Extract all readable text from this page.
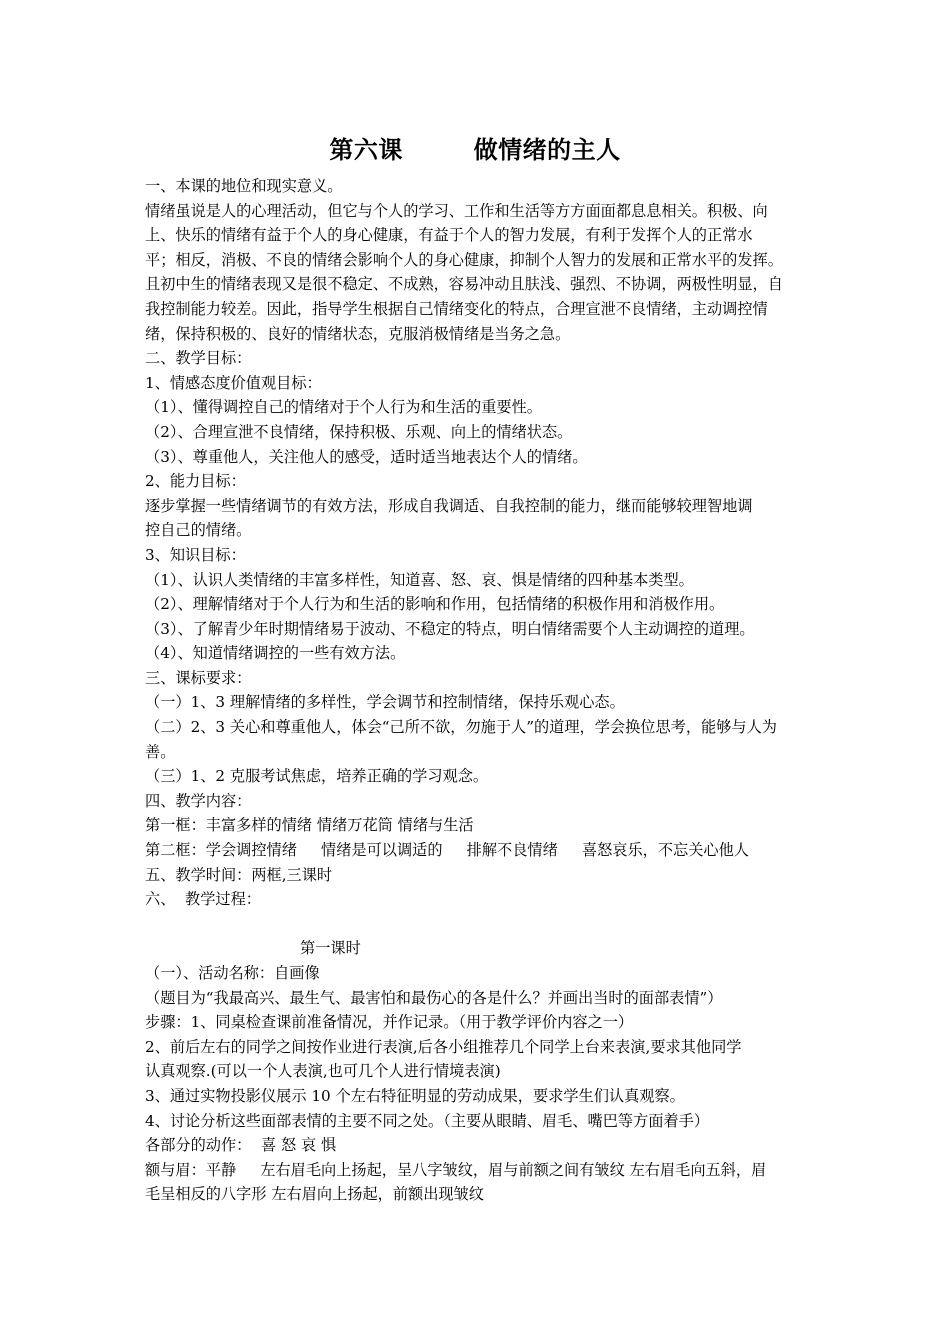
第六课        做情绪的主人
一、本课的地位和现实意义。
情绪虽说是人的心理活动，但它与个人的学习、工作和生活等方方面面都息息相关。积极、向
上、快乐的情绪有益于个人的身心健康，有益于个人的智力发展，有利于发挥个人的正常水
平；相反，消极、不良的情绪会影响个人的身心健康，抑制个人智力的发展和正常水平的发挥。
且初中生的情绪表现又是很不稳定、不成熟，容易冲动且肤浅、强烈、不协调，两极性明显，自
我控制能力较差。因此，指导学生根据自己情绪变化的特点，合理宣泄不良情绪，主动调控情
绪，保持积极的、良好的情绪状态，克服消极情绪是当务之急。
二、教学目标：
1、情感态度价值观目标：
（1）、懂得调控自己的情绪对于个人行为和生活的重要性。
（2）、合理宣泄不良情绪，保持积极、乐观、向上的情绪状态。
（3）、尊重他人，关注他人的感受，适时适当地表达个人的情绪。
2、能力目标：
逐步掌握一些情绪调节的有效方法，形成自我调适、自我控制的能力，继而能够较理智地调
控自己的情绪。
3、知识目标：
（1）、认识人类情绪的丰富多样性，知道喜、怒、哀、惧是情绪的四种基本类型。
（2）、理解情绪对于个人行为和生活的影响和作用，包括情绪的积极作用和消极作用。
（3）、了解青少年时期情绪易于波动、不稳定的特点，明白情绪需要个人主动调控的道理。
（4）、知道情绪调控的一些有效方法。
三、课标要求：
（一）1、3 理解情绪的多样性，学会调节和控制情绪，保持乐观心态。
（二）2、3 关心和尊重他人，体会“己所不欲，勿施于人”的道理，学会换位思考，能够与人为
善。
（三）1、2 克服考试焦虑，培养正确的学习观念。
四、教学内容：
第一框：丰富多样的情绪 情绪万花筒 情绪与生活
第二框：学会调控情绪     情绪是可以调适的     排解不良情绪     喜怒哀乐，不忘关心他人
五、教学时间：两框,三课时
六、  教学过程：
第一课时
（一）、活动名称：自画像
（题目为“我最高兴、最生气、最害怕和最伤心的各是什么？并画出当时的面部表情”）
步骤：1、同桌检查课前准备情况，并作记录。（用于教学评价内容之一）
2、前后左右的同学之间按作业进行表演,后各小组推荐几个同学上台来表演,要求其他同学
认真观察.(可以一个人表演,也可几个人进行情境表演)
3、通过实物投影仪展示 10 个左右特征明显的劳动成果，要求学生们认真观察。
4、讨论分析这些面部表情的主要不同之处。（主要从眼睛、眉毛、嘴巴等方面着手）
各部分的动作：  喜 怒 哀 惧
额与眉：平静     左右眉毛向上扬起，呈八字皱纹，眉与前额之间有皱纹 左右眉毛向五斜，眉
毛呈相反的八字形 左右眉向上扬起，前额出现皱纹
